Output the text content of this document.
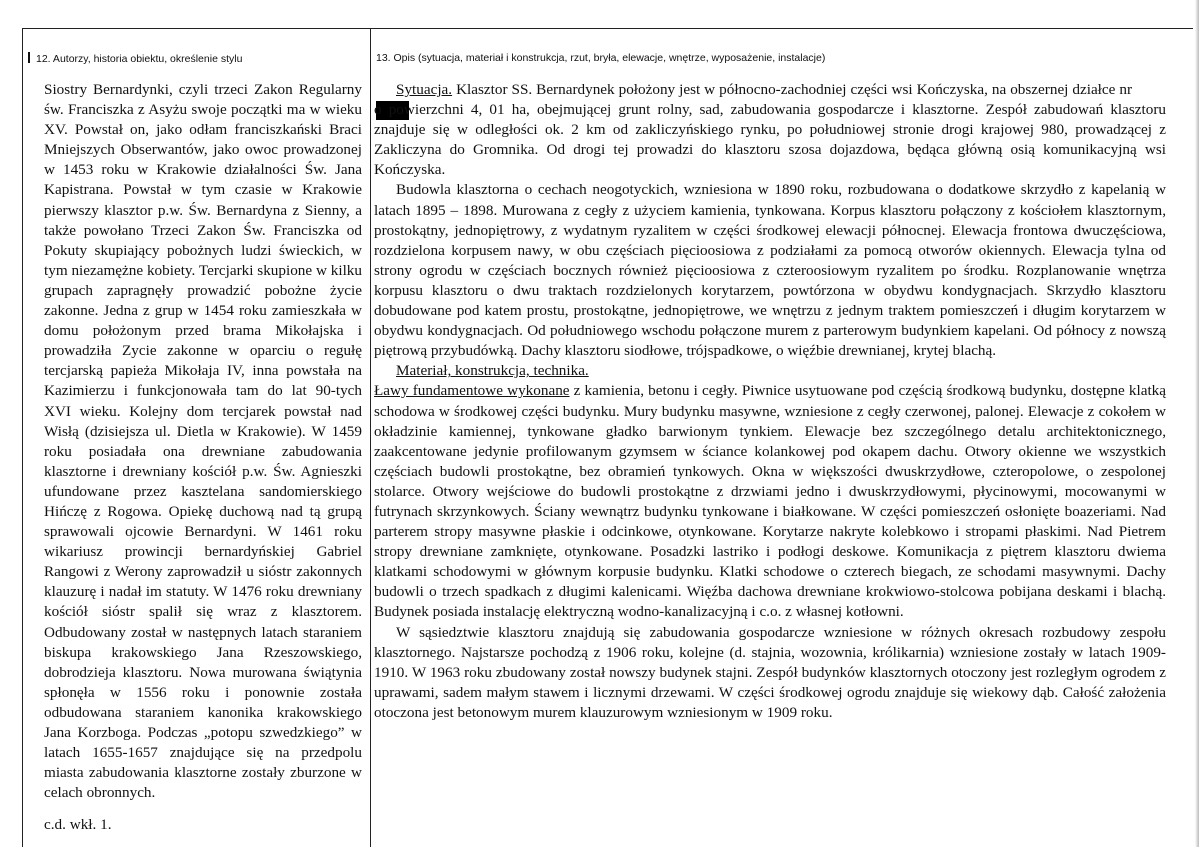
12. Autorzy, historia obiektu, określenie stylu	13. Opis (sytuacja, materiał i konstrukcja, rzut, bryła, elewacje, wnętrze, wyposażenie, instalacje)

Siostry Bernardynki, czyli trzeci Zakon Regularny św. Franciszka z Asyżu swoje początki ma w wieku XV. Powstał on, jako odłam franciszkański Braci Mniejszych Obserwantów, jako owoc prowadzonej w 1453 roku w Krakowie działalności Św. Jana Kapistrana. Powstał w tym czasie w Krakowie pierwszy klasztor p.w. Św. Bernardyna z Sienny, a także powołano Trzeci Zakon Św. Franciszka od Pokuty skupiający pobożnych ludzi świeckich, w tym niezamężne kobiety. Tercjarki skupione w kilku grupach zapragnęły prowadzić pobożne życie zakonne. Jedna z grup w 1454 roku zamieszkała w domu położonym przed brama Mikołajska i prowadziła Zycie zakonne w oparciu o regułę tercjarską papieża Mikołaja IV, inna powstała na Kazimierzu i funkcjonowała tam do lat 90-tych XVI wieku. Kolejny dom tercjarek powstał nad Wisłą (dzisiejsza ul. Dietla w Krakowie). W 1459 roku posiadała ona drewniane zabudowania klasztorne i drewniany kościół p.w. Św. Agnieszki ufundowane przez kasztelana sandomierskiego Hińczę z Rogowa. Opiekę duchową nad tą grupą sprawowali ojcowie Bernardyni. W 1461 roku wikariusz prowincji bernardyńskiej Gabriel Rangowi z Werony zaprowadził u sióstr zakonnych klauzurę i nadał im statuty. W 1476 roku drewniany kościół sióstr spalił się wraz z klasztorem. Odbudowany został w następnych latach staraniem biskupa krakowskiego Jana Rzeszowskiego, dobrodzieja klasztoru. Nowa murowana świątynia spłonęła w 1556 roku i ponownie została odbudowana staraniem kanonika krakowskiego Jana Korzboga. Podczas „potopu szwedzkiego” w latach 1655-1657 znajdujące się na przedpolu miasta zabudowania klasztorne zostały zburzone w celach obronnych.

c.d. wkł. 1.

Sytuacja. Klasztor SS. Bernardynek położony jest w północno-zachodniej części wsi Kończyska, na obszernej działce nr o powierzchni 4, 01 ha, obejmującej grunt rolny, sad, zabudowania gospodarcze i klasztorne. Zespół zabudowań klasztoru znajduje się w odległości ok. 2 km od zakliczyńskiego rynku, po południowej stronie drogi krajowej 980, prowadzącej z Zakliczyna do Gromnika. Od drogi tej prowadzi do klasztoru szosa dojazdowa, będąca główną osią komunikacyjną wsi Kończyska.

Budowla klasztorna o cechach neogotyckich, wzniesiona w 1890 roku, rozbudowana o dodatkowe skrzydło z kapelanią w latach 1895 – 1898. Murowana z cegły z użyciem kamienia, tynkowana. Korpus klasztoru połączony z kościołem klasztornym, prostokątny, jednopiętrowy, z wydatnym ryzalitem w części środkowej elewacji północnej. Elewacja frontowa dwuczęściowa, rozdzielona korpusem nawy, w obu częściach pięcioosiowa z podziałami za pomocą otworów okiennych. Elewacja tylna od strony ogrodu w częściach bocznych również pięcioosiowa z czteroosiowym ryzalitem po środku. Rozplanowanie wnętrza korpusu klasztoru o dwu traktach rozdzielonych korytarzem, powtórzona w obydwu kondygnacjach. Skrzydło klasztoru dobudowane pod katem prostu, prostokątne, jednopiętrowe, we wnętrzu z jednym traktem pomieszczeń i długim korytarzem w obydwu kondygnacjach. Od południowego wschodu połączone murem z parterowym budynkiem kapelani. Od północy z nowszą piętrową przybudówką. Dachy klasztoru siodłowe, trójspadkowe, o więźbie drewnianej, krytej blachą.

Materiał, konstrukcja, technika.

Ławy fundamentowe wykonane z kamienia, betonu i cegły. Piwnice usytuowane pod częścią środkową budynku, dostępne klatką schodowa w środkowej części budynku. Mury budynku masywne, wzniesione z cegły czerwonej, palonej. Elewacje z cokołem w okładzinie kamiennej, tynkowane gładko barwionym tynkiem. Elewacje bez szczególnego detalu architektonicznego, zaakcentowane jedynie profilowanym gzymsem w ściance kolankowej pod okapem dachu. Otwory okienne we wszystkich częściach budowli prostokątne, bez obramień tynkowych. Okna w większości dwuskrzydłowe, czteropolowe, o zespolonej stolarce. Otwory wejściowe do budowli prostokątne z drzwiami jedno i dwuskrzydłowymi, płycinowymi, mocowanymi w futrynach skrzynkowych. Ściany wewnątrz budynku tynkowane i białkowane. W części pomieszczeń osłonięte boazeriami. Nad parterem stropy masywne płaskie i odcinkowe, otynkowane. Korytarze nakryte kolebkowo i stropami płaskimi. Nad Pietrem stropy drewniane zamknięte, otynkowane. Posadzki lastriko i podłogi deskowe. Komunikacja z piętrem klasztoru dwiema klatkami schodowymi w głównym korpusie budynku. Klatki schodowe o czterech biegach, ze schodami masywnymi. Dachy budowli o trzech spadkach z długimi kalenicami. Więźba dachowa drewniane krokwiowo-stolcowa pobijana deskami i blachą. Budynek posiada instalację elektryczną wodno-kanalizacyjną i c.o. z własnej kotłowni.

W sąsiedztwie klasztoru znajdują się zabudowania gospodarcze wzniesione w różnych okresach rozbudowy zespołu klasztornego. Najstarsze pochodzą z 1906 roku, kolejne (d. stajnia, wozownia, królikarnia) wzniesione zostały w latach 1909-1910. W 1963 roku zbudowany został nowszy budynek stajni. Zespół budynków klasztornych otoczony jest rozległym ogrodem z uprawami, sadem małym stawem i licznymi drzewami. W części środkowej ogrodu znajduje się wiekowy dąb. Całość założenia otoczona jest betonowym murem klauzurowym wzniesionym w 1909 roku.
